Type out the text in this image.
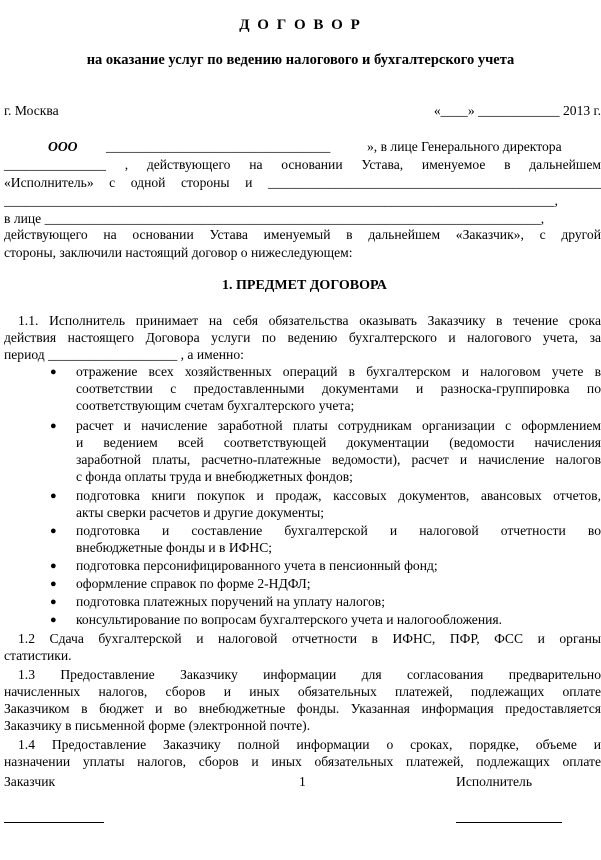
Д О Г О В О Р
на оказание услуг по ведению налогового и бухгалтерского учета
г. Москва	«____» ____________ 2013 г.
ООО _________________________________	», в лице Генерального директора
_______________ , действующего на основании Устава, именуемое в дальнейшем
«Исполнитель» с одной стороны и _________________________________________________
_________________________________________________________________________________,
в лице _________________________________________________________________________,
действующего на основании Устава именуемый в дальнейшем «Заказчик», с другой
стороны, заключили настоящий договор о нижеследующем:
1. ПРЕДМЕТ ДОГОВОРА
1.1. Исполнитель принимает на себя обязательства оказывать Заказчику в течение срока
действия настоящего Договора услуги по ведению бухгалтерского и налогового учета, за
период ___________________ , а именно:
● отражение всех хозяйственных операций в бухгалтерском и налоговом учете в
соответствии с предоставленными документами и разноска-группировка по
соответствующим счетам бухгалтерского учета;
● расчет и начисление заработной платы сотрудникам организации с оформлением
и ведением всей соответствующей документации (ведомости начисления
заработной платы, расчетно-платежные ведомости), расчет и начисление налогов
с фонда оплаты труда и внебюджетных фондов;
● подготовка книги покупок и продаж, кассовых документов, авансовых отчетов,
акты сверки расчетов и другие документы;
● подготовка и составление бухгалтерской и налоговой отчетности во
внебюджетные фонды и в ИФНС;
● подготовка персонифицированного учета в пенсионный фонд;
● оформление справок по форме 2-НДФЛ;
● подготовка платежных поручений на уплату налогов;
● консультирование по вопросам бухгалтерского учета и налогообложения.
1.2 Сдача бухгалтерской и налоговой отчетности в ИФНС, ПФР, ФСС и органы
статистики.
1.3 Предоставление Заказчику информации для согласования предварительно
начисленных налогов, сборов и иных обязательных платежей, подлежащих оплате
Заказчиком в бюджет и во внебюджетные фонды. Указанная информация предоставляется
Заказчику в письменной форме (электронной почте).
1.4 Предоставление Заказчику полной информации о сроках, порядке, объеме и
назначении уплаты налогов, сборов и иных обязательных платежей, подлежащих оплате
Заказчик	1	Исполнитель
